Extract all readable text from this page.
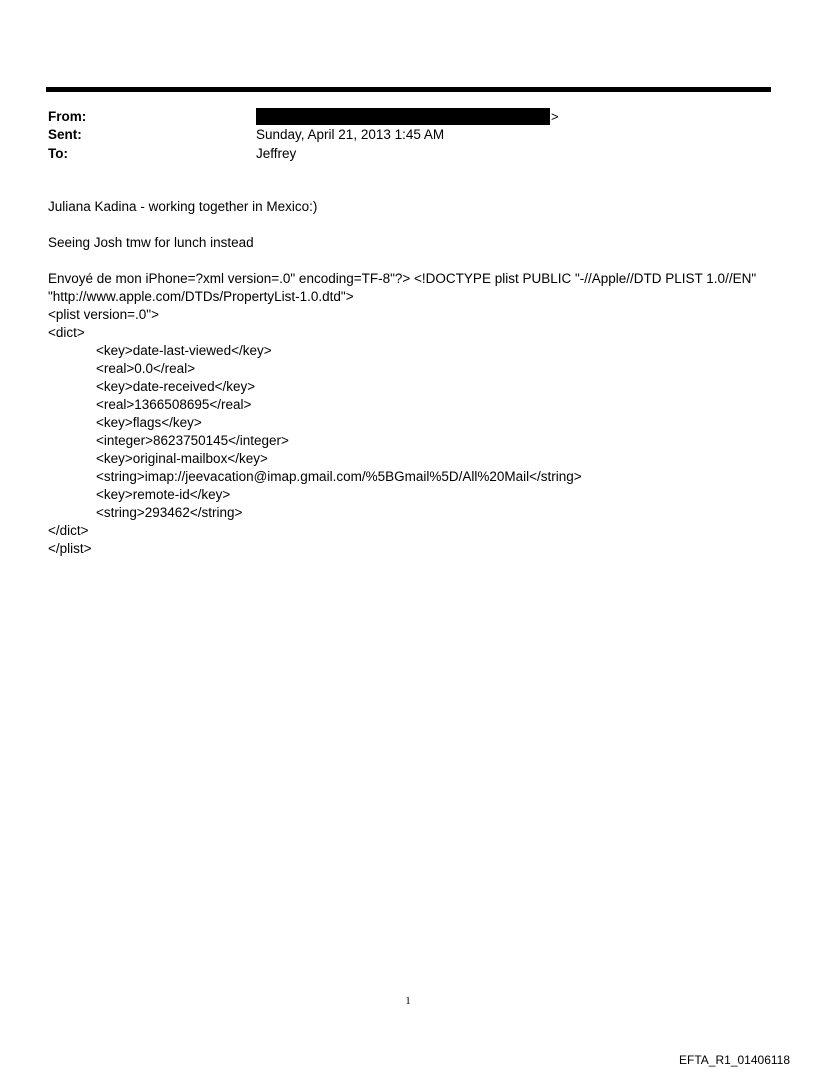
From:	>
Sent:	Sunday, April 21, 2013 1:45 AM
To:	Jeffrey
Juliana Kadina - working together in Mexico:)
Seeing Josh tmw for lunch instead
Envoyé de mon iPhone=?xml version=.0" encoding=TF-8"?> <!DOCTYPE plist PUBLIC "-//Apple//DTD PLIST 1.0//EN"
"http://www.apple.com/DTDs/PropertyList-1.0.dtd">
<plist version=.0">
<dict>
<key>date-last-viewed</key>
<real>0.0</real>
<key>date-received</key>
<real>1366508695</real>
<key>flags</key>
<integer>8623750145</integer>
<key>original-mailbox</key>
<string>imap://jeevacation@imap.gmail.com/%5BGmail%5D/All%20Mail</string>
<key>remote-id</key>
<string>293462</string>
</dict>
</plist>
1
EFTA_R1_01406118
